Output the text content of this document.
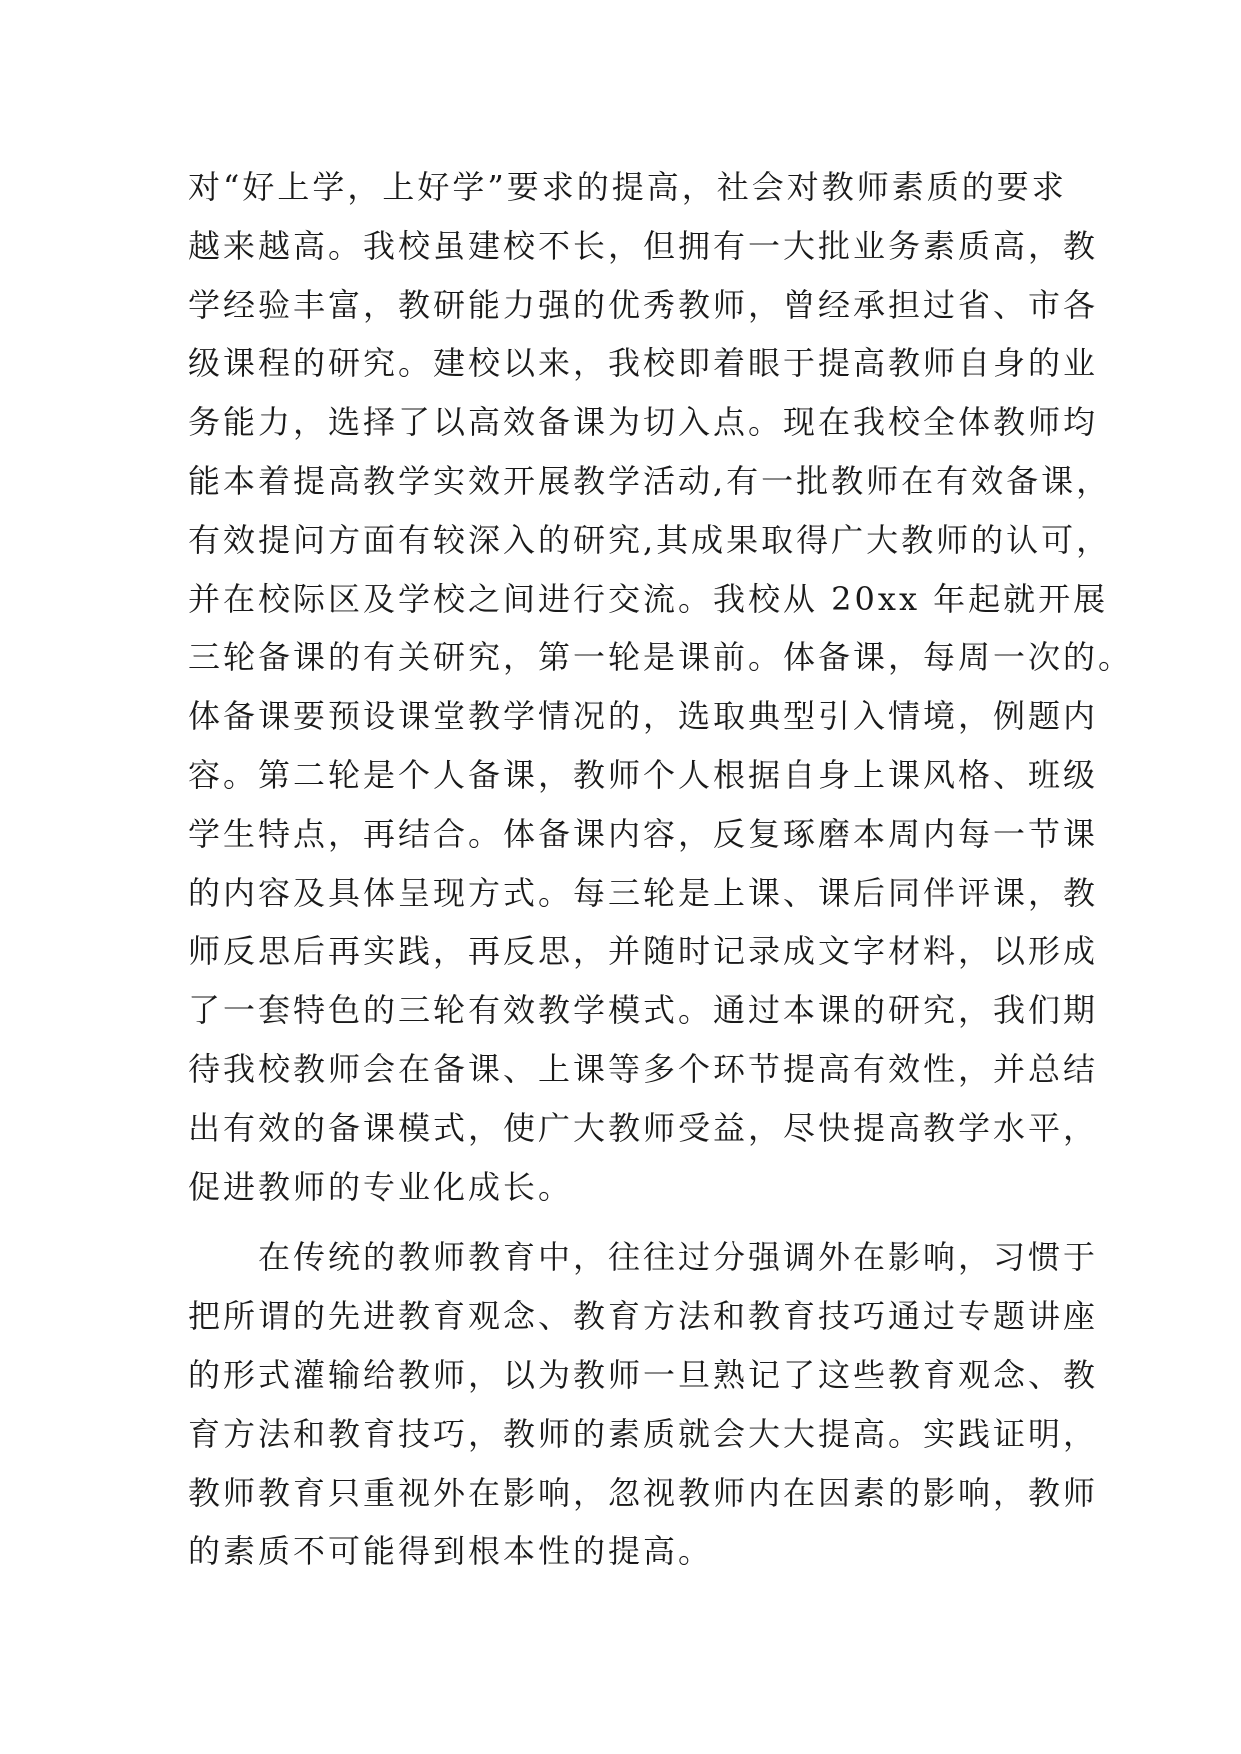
对“好上学，上好学”要求的提高，社会对教师素质的要求
越来越高。我校虽建校不长，但拥有一大批业务素质高，教
学经验丰富，教研能力强的优秀教师，曾经承担过省、市各
级课程的研究。建校以来，我校即着眼于提高教师自身的业
务能力，选择了以高效备课为切入点。现在我校全体教师均
能本着提高教学实效开展教学活动,有一批教师在有效备课，
有效提问方面有较深入的研究,其成果取得广大教师的认可，
并在校际区及学校之间进行交流。我校从 20xx 年起就开展
三轮备课的有关研究，第一轮是课前。体备课，每周一次的。
体备课要预设课堂教学情况的，选取典型引入情境，例题内
容。第二轮是个人备课，教师个人根据自身上课风格、班级
学生特点，再结合。体备课内容，反复琢磨本周内每一节课
的内容及具体呈现方式。每三轮是上课、课后同伴评课，教
师反思后再实践，再反思，并随时记录成文字材料，以形成
了一套特色的三轮有效教学模式。通过本课的研究，我们期
待我校教师会在备课、上课等多个环节提高有效性，并总结
出有效的备课模式，使广大教师受益，尽快提高教学水平，
促进教师的专业化成长。
　　在传统的教师教育中，往往过分强调外在影响，习惯于
把所谓的先进教育观念、教育方法和教育技巧通过专题讲座
的形式灌输给教师，以为教师一旦熟记了这些教育观念、教
育方法和教育技巧，教师的素质就会大大提高。实践证明，
教师教育只重视外在影响，忽视教师内在因素的影响，教师
的素质不可能得到根本性的提高。
